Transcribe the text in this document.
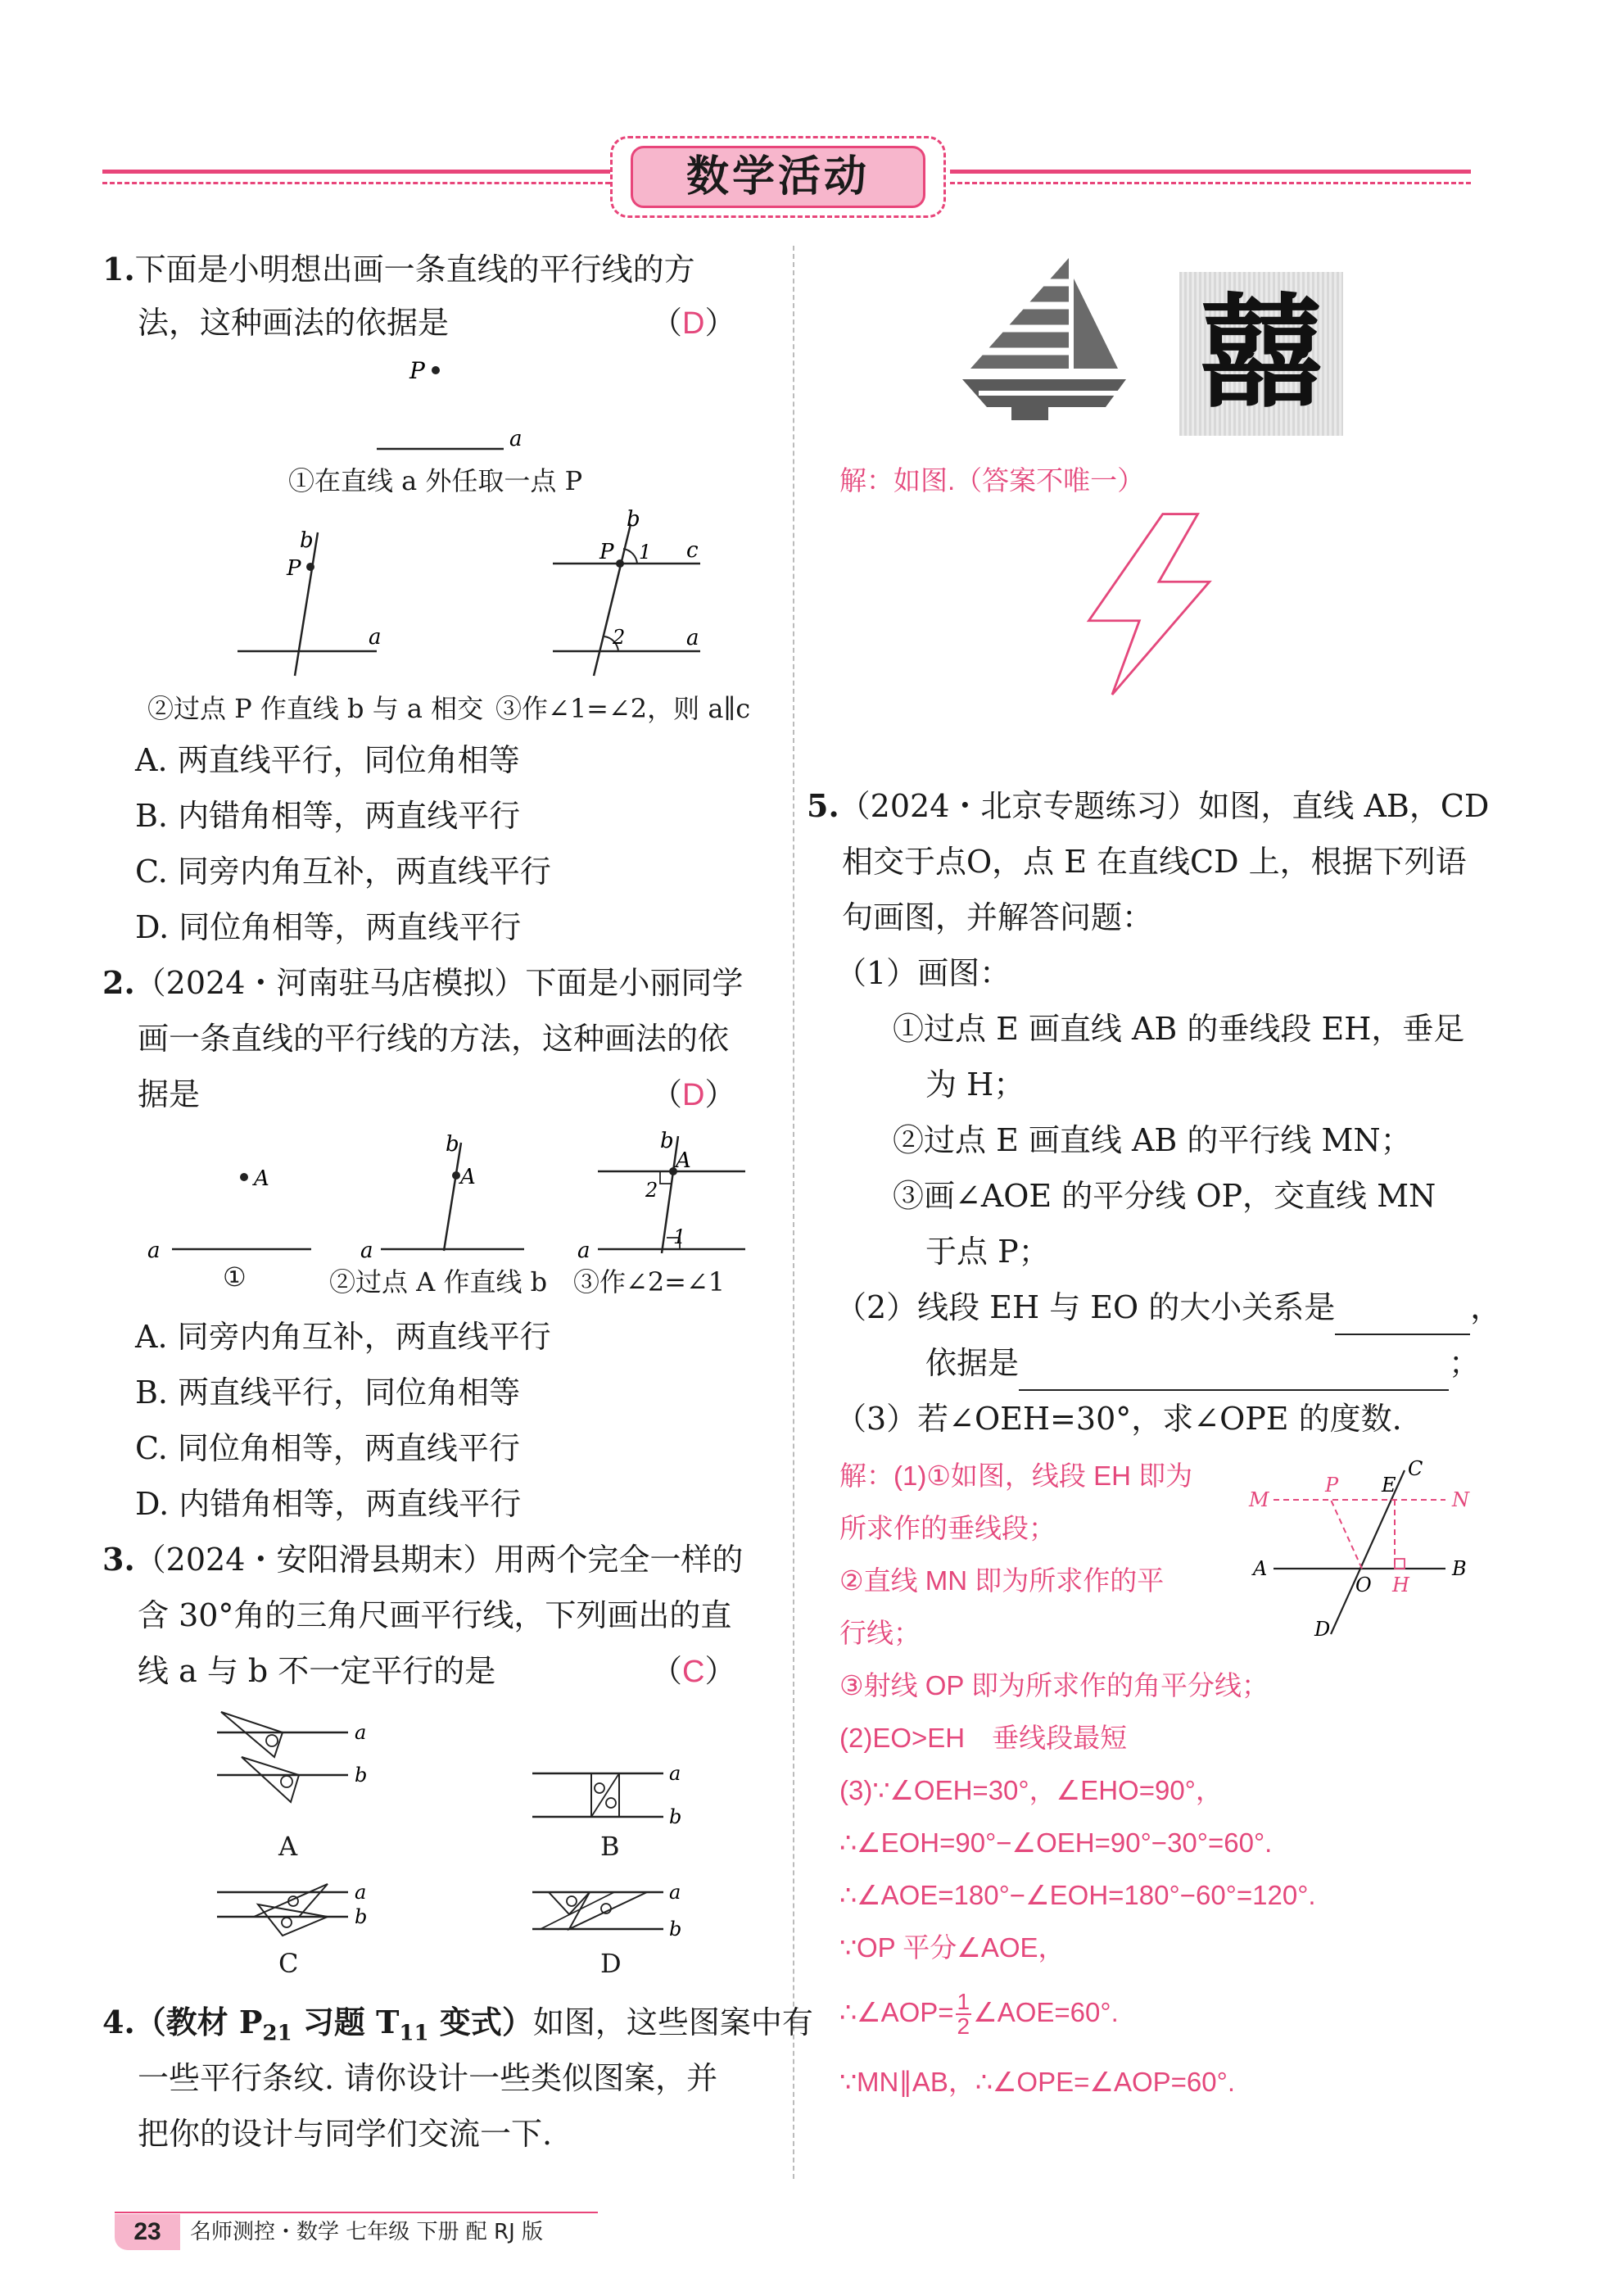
数学活动
1.下面是小明想出画一条直线的平行线的方
法，这种画法的依据是	（D）
P
a
a
P
b
a
c
P
b
1
2
①在直线 a 外任取一点 P
②过点 P 作直线 b 与 a 相交 ③作∠1=∠2，则 a∥c
A. 两直线平行，同位角相等
B. 内错角相等，两直线平行
C. 同旁内角互补，两直线平行
D. 同位角相等，两直线平行
2.（2024・河南驻马店模拟）下面是小丽同学
画一条直线的平行线的方法，这种画法的依
据是	（D）
A
a	a
A
b
a
A
b
2
1
①	②过点 A 作直线 b ③作∠2=∠1
A. 同旁内角互补，两直线平行
B. 两直线平行，同位角相等
C. 同位角相等，两直线平行
D. 内错角相等，两直线平行
3.（2024・安阳滑县期末）用两个完全一样的
含 30°角的三角尺画平行线，下列画出的直
线 a 与 b 不一定平行的是	（C）
a
b	a
b
a
b
a
b
A	B
C	D
4.（教材 $P_{21}$ 习题 $T_{11}$ 变式）如图，这些图案中有
一些平行条纹. 请你设计一些类似图案，并
把你的设计与同学们交流一下.
囍
解：如图.（答案不唯一）
5.（2024・北京专题练习）如图，直线 AB，CD
相交于点O，点 E 在直线CD 上，根据下列语
句画图，并解答问题：
（1）画图：
①过点 E 画直线 AB 的垂线段 EH，垂足
为 H；
②过点 E 画直线 AB 的平行线 MN；
③画∠AOE 的平分线 OP，交直线 MN
于点 P；
（2）线段 EH 与 EO 的大小关系是	，
依据是	；
（3）若∠OEH=30°，求∠OPE 的度数.
解：(1)①如图，线段 EH 即为
所求作的垂线段；
②直线 MN 即为所求作的平
行线；
③射线 OP 即为所求作的角平分线；
(2)EO>EH　垂线段最短
(3)∵∠OEH=30°，∠EHO=90°，
∴∠EOH=90°−∠OEH=90°−30°=60°.
∴∠AOE=180°−∠EOH=180°−60°=120°.
∵OP 平分∠AOE，
∴∠AOP= $\frac{1}{2}$ ∠AOE=60°.
∵MN∥AB，∴∠OPE=∠AOP=60°.
P E
C
M	N
A
O H
B
D
23	名师测控・数学 七年级 下册 配 RJ 版
